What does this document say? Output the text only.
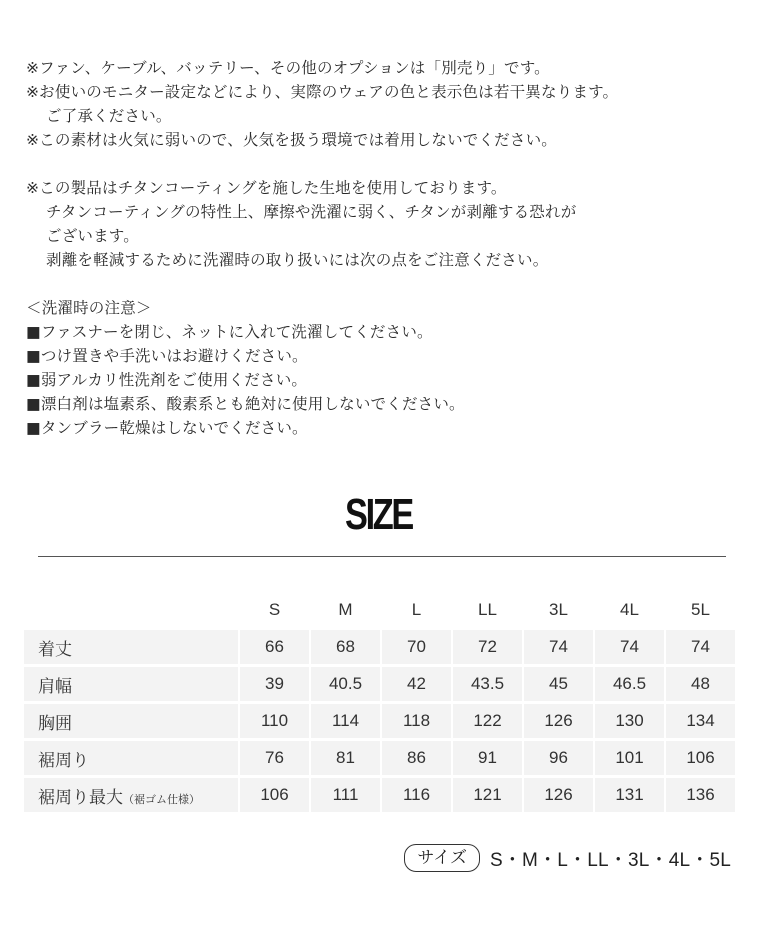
※ファン、ケーブル、バッテリー、その他のオプションは「別売り」です。

※お使いのモニター設定などにより、実際のウェアの色と表示色は若干異なります。

ご了承ください。

※この素材は火気に弱いので、火気を扱う環境では着用しないでください。

※この製品はチタンコーティングを施した生地を使用しております。

チタンコーティングの特性上、摩擦や洗濯に弱く、チタンが剥離する恐れが

ございます。

剥離を軽減するために洗濯時の取り扱いには次の点をご注意ください。

＜洗濯時の注意＞

■ファスナーを閉じ、ネットに入れて洗濯してください。

■つけ置きや手洗いはお避けください。

■弱アルカリ性洗剤をご使用ください。

■漂白剤は塩素系、酸素系とも絶対に使用しないでください。

■タンブラー乾燥はしないでください。

SIZE
	S	M	L	LL	3L	4L	5L
着丈	66	68	70	72	74	74	74
肩幅	39	40.5	42	43.5	45	46.5	48
胸囲	110	114	118	122	126	130	134
裾周り	76	81	86	91	96	101	106
裾周り最大（裾ゴム仕様）	106	111	116	121	126	131	136
サイズ	S・M・L・LL・3L・4L・5L
